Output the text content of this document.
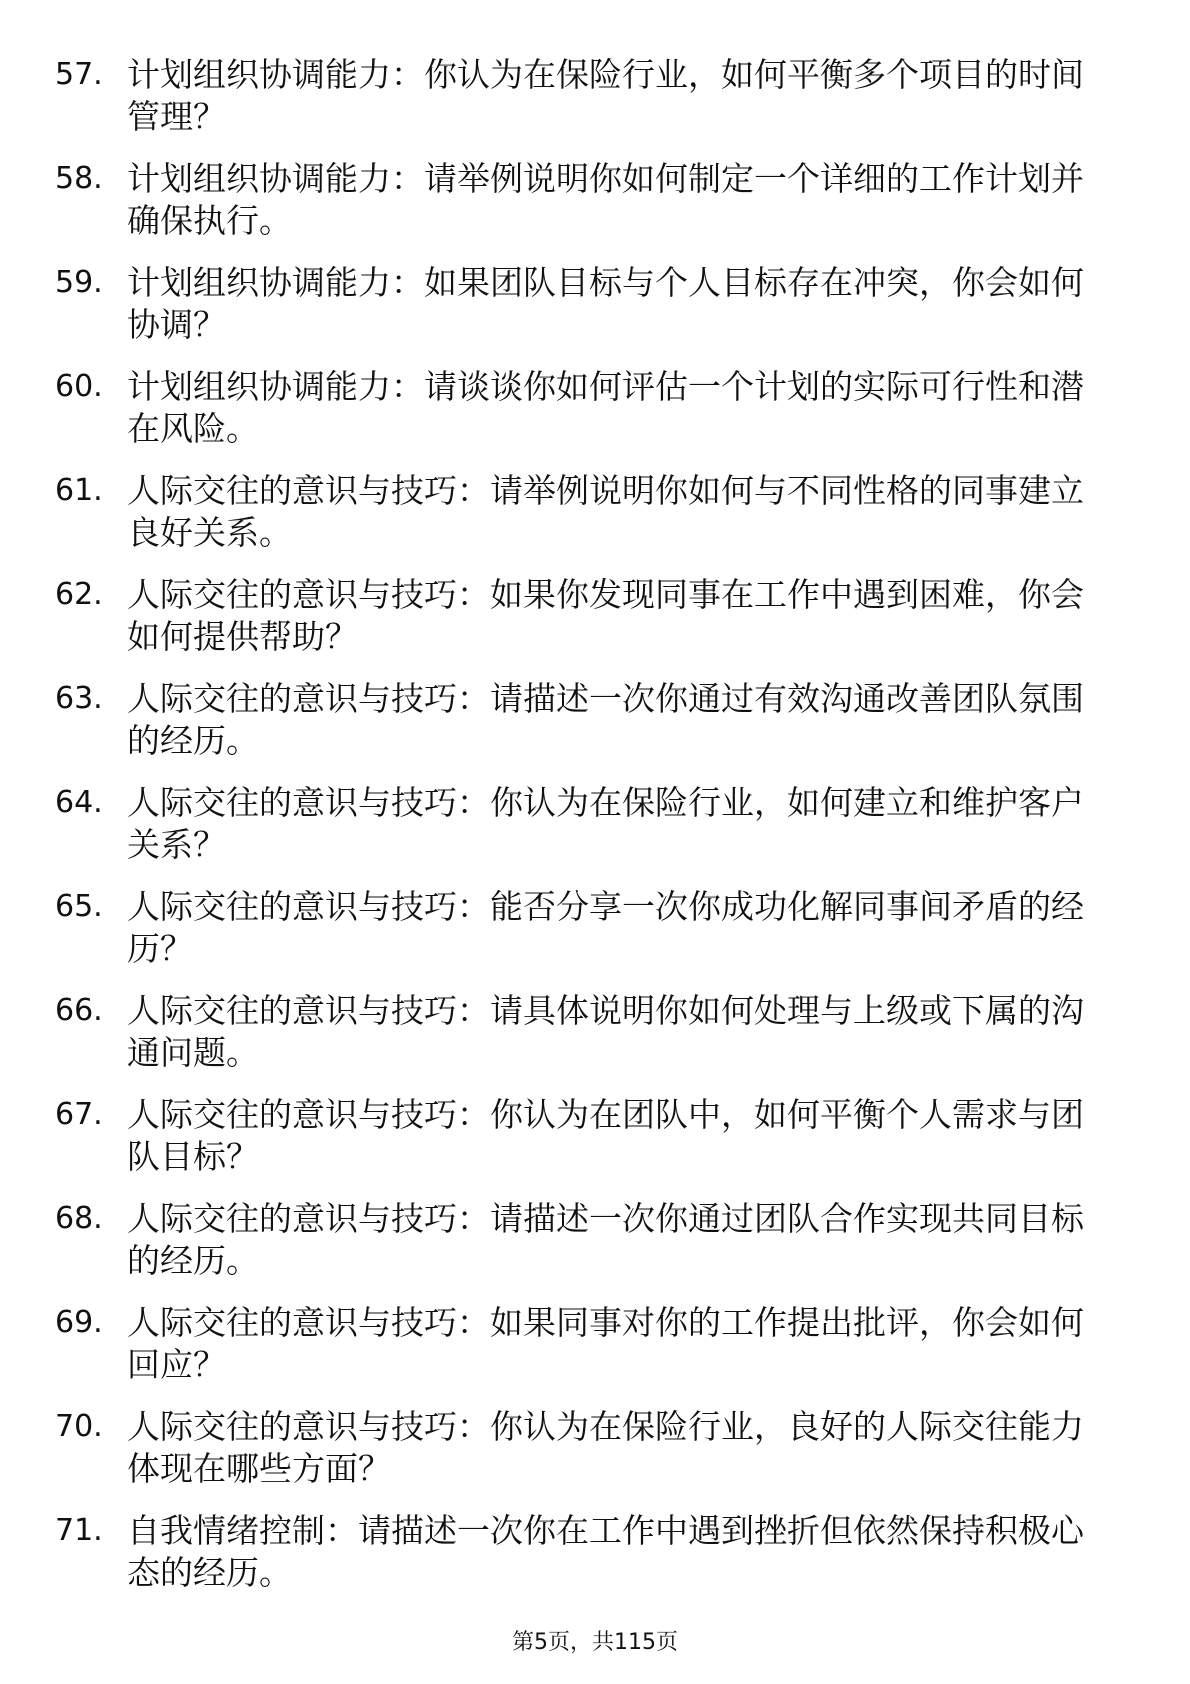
57. 计划组织协调能力：你认为在保险行业，如何平衡多个项目的时间管理？
58. 计划组织协调能力：请举例说明你如何制定一个详细的工作计划并确保执行。
59. 计划组织协调能力：如果团队目标与个人目标存在冲突，你会如何协调？
60. 计划组织协调能力：请谈谈你如何评估一个计划的实际可行性和潜在风险。
61. 人际交往的意识与技巧：请举例说明你如何与不同性格的同事建立良好关系。
62. 人际交往的意识与技巧：如果你发现同事在工作中遇到困难，你会如何提供帮助？
63. 人际交往的意识与技巧：请描述一次你通过有效沟通改善团队氛围的经历。
64. 人际交往的意识与技巧：你认为在保险行业，如何建立和维护客户关系？
65. 人际交往的意识与技巧：能否分享一次你成功化解同事间矛盾的经历？
66. 人际交往的意识与技巧：请具体说明你如何处理与上级或下属的沟通问题。
67. 人际交往的意识与技巧：你认为在团队中，如何平衡个人需求与团队目标？
68. 人际交往的意识与技巧：请描述一次你通过团队合作实现共同目标的经历。
69. 人际交往的意识与技巧：如果同事对你的工作提出批评，你会如何回应？
70. 人际交往的意识与技巧：你认为在保险行业，良好的人际交往能力体现在哪些方面？
71. 自我情绪控制：请描述一次你在工作中遇到挫折但依然保持积极心态的经历。
第5页，共115页
